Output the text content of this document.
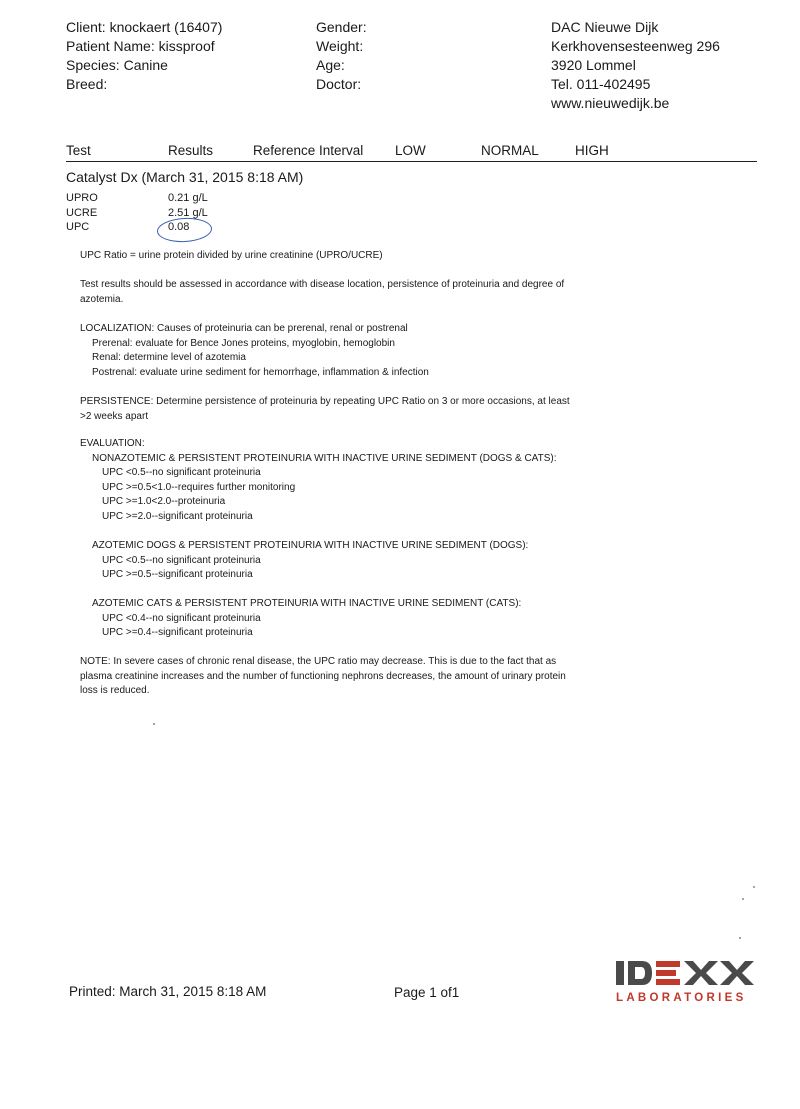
Client: knockaert (16407)
Patient Name: kissproof
Species: Canine
Breed:
Gender:
Weight:
Age:
Doctor:
DAC Nieuwe Dijk
Kerkhovensesteenweg 296
3920 Lommel
Tel. 011-402495
www.nieuwedijk.be
Test	Results	Reference Interval LOW	NORMAL	HIGH
Catalyst Dx (March 31, 2015 8:18 AM)
UPRO	0.21 g/L
UCRE	2.51 g/L
UPC	0.08
UPC Ratio = urine protein divided by urine creatinine (UPRO/UCRE)
Test results should be assessed in accordance with disease location, persistence of proteinuria and degree of
azotemia.
LOCALIZATION: Causes of proteinuria can be prerenal, renal or postrenal
Prerenal: evaluate for Bence Jones proteins, myoglobin, hemoglobin
Renal: determine level of azotemia
Postrenal: evaluate urine sediment for hemorrhage, inflammation & infection
PERSISTENCE: Determine persistence of proteinuria by repeating UPC Ratio on 3 or more occasions, at least
>2 weeks apart
EVALUATION:
NONAZOTEMIC & PERSISTENT PROTEINURIA WITH INACTIVE URINE SEDIMENT (DOGS & CATS):
UPC <0.5--no significant proteinuria
UPC >=0.5<1.0--requires further monitoring
UPC >=1.0<2.0--proteinuria
UPC >=2.0--significant proteinuria
AZOTEMIC DOGS & PERSISTENT PROTEINURIA WITH INACTIVE URINE SEDIMENT (DOGS):
UPC <0.5--no significant proteinuria
UPC >=0.5--significant proteinuria
AZOTEMIC CATS & PERSISTENT PROTEINURIA WITH INACTIVE URINE SEDIMENT (CATS):
UPC <0.4--no significant proteinuria
UPC >=0.4--significant proteinuria
NOTE: In severe cases of chronic renal disease, the UPC ratio may decrease. This is due to the fact that as
plasma creatinine increases and the number of functioning nephrons decreases, the amount of urinary protein
loss is reduced.
Printed: March 31, 2015 8:18 AM	Page 1 of1	LABORATORIES
